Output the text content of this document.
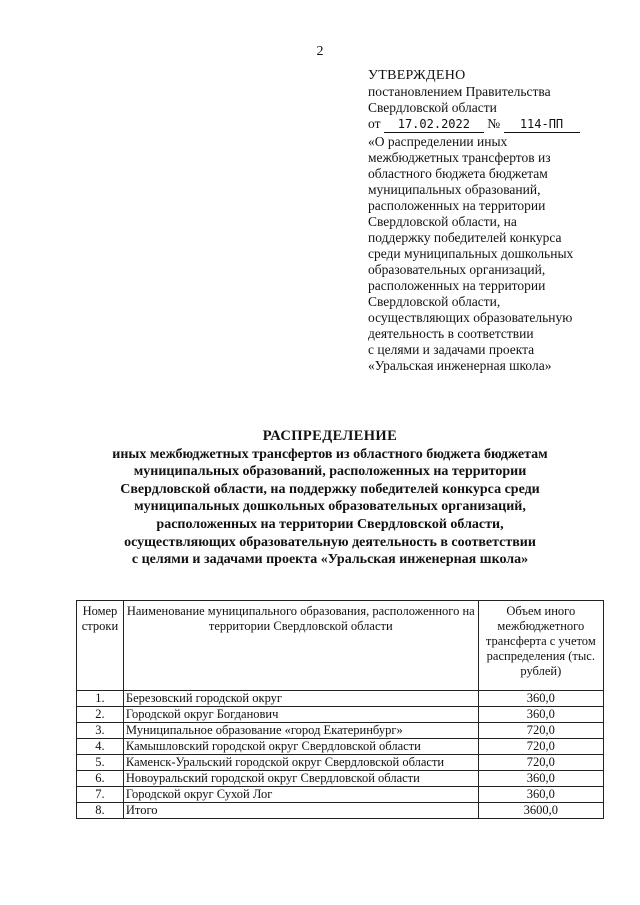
2
УТВЕРЖДЕНО
постановлением Правительства
Свердловской области
от 17.02.2022 № 114-ПП
«О распределении иных
межбюджетных трансфертов из
областного бюджета бюджетам
муниципальных образований,
расположенных на территории
Свердловской области, на
поддержку победителей конкурса
среди муниципальных дошкольных
образовательных организаций,
расположенных на территории
Свердловской области,
осуществляющих образовательную
деятельность в соответствии
с целями и задачами проекта
«Уральская инженерная школа»
РАСПРЕДЕЛЕНИЕ
иных межбюджетных трансфертов из областного бюджета бюджетам
муниципальных образований, расположенных на территории
Свердловской области, на поддержку победителей конкурса среди
муниципальных дошкольных образовательных организаций,
расположенных на территории Свердловской области,
осуществляющих образовательную деятельность в соответствии
с целями и задачами проекта «Уральская инженерная школа»
Номер строки	Наименование муниципального образования, расположенного на территории Свердловской области	Объем иного межбюджетного трансферта с учетом распределения (тыс. рублей)
1.	Березовский городской округ	360,0
2.	Городской округ Богданович	360,0
3.	Муниципальное образование «город Екатеринбург»	720,0
4.	Камышловский городской округ Свердловской области	720,0
5.	Каменск-Уральский городской округ Свердловской области	720,0
6.	Новоуральский городской округ Свердловской области	360,0
7.	Городской округ Сухой Лог	360,0
8.	Итого	3600,0
